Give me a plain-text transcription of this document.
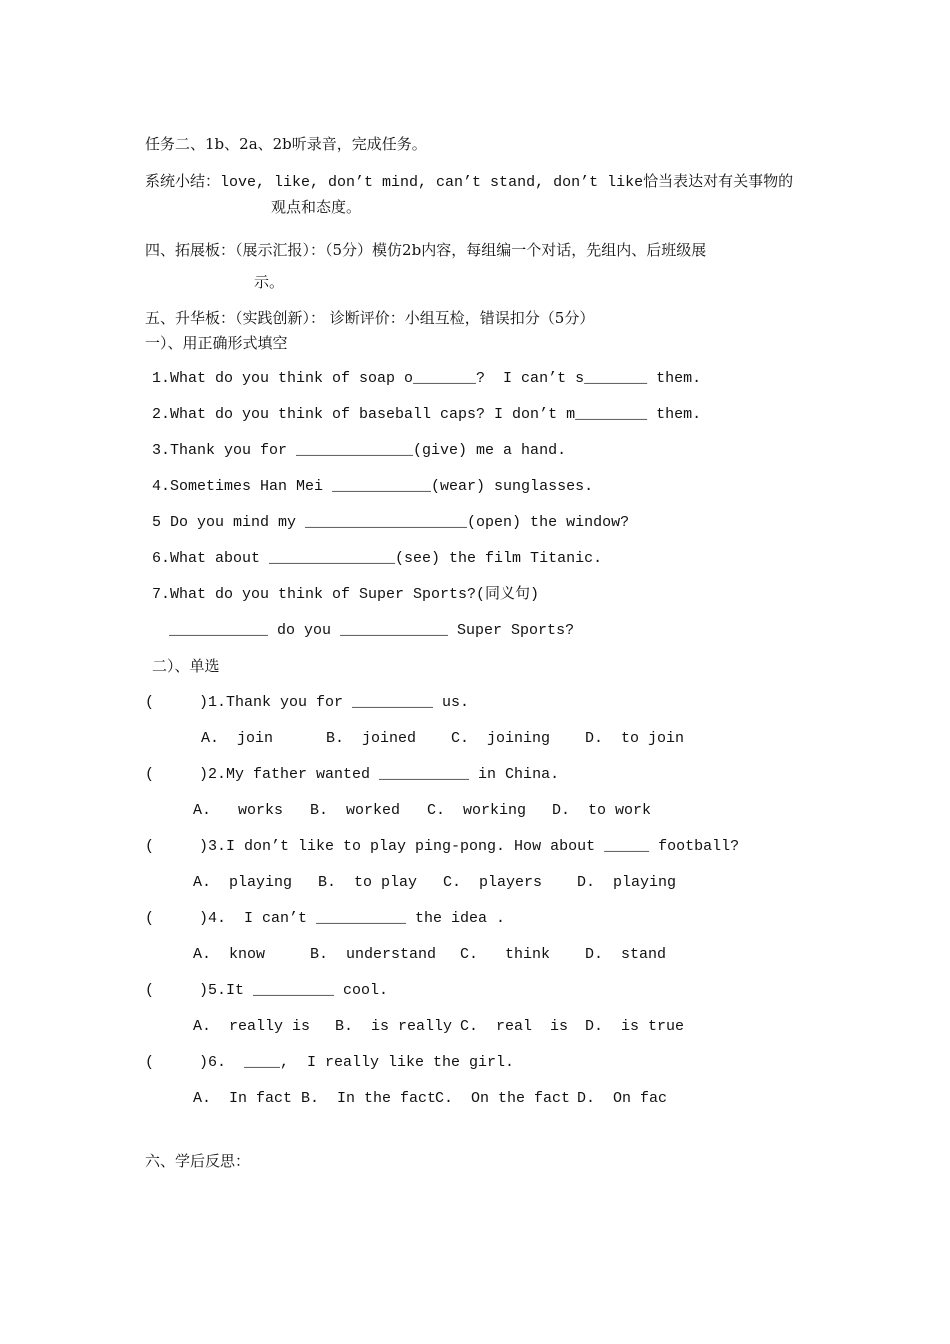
任务二、1b、2a、2b听录音，完成任务。
系统小结：love, like, don’t mind, can’t stand, don’t like恰当表达对有关事物的
观点和态度。
四、拓展板：（展示汇报）：（5分）模仿2b内容，每组编一个对话，先组内、后班级展
示。
五、升华板：（实践创新）： 诊断评价：小组互检，错误扣分（5分）
一）、用正确形式填空
1.What do you think of soap o_______?  I can’t s_______ them.
2.What do you think of baseball caps? I don’t m________ them.
3.Thank you for _____________(give) me a hand.
4.Sometimes Han Mei ___________(wear) sunglasses.
5 Do you mind my __________________(open) the window?
6.What about ______________(see) the film Titanic.
7.What do you think of Super Sports?(同义句)
___________ do you ____________ Super Sports?
二）、单选
(     )1.Thank you for _________ us.
A.  join	B.  joined C.  joining D.  to join
(     )2.My father wanted __________ in China.
A.   works B.  worked C.  working D.  to work
(     )3.I don’t like to play ping-pong. How about _____ football?
A.  playing B.  to play C.  players D.  playing
(     )4.  I can’t __________ the idea .
A.  know	B.  understand C.   think D.  stand
(     )5.It _________ cool.
A.  really is B.  is really C.  real  is D.  is true
(     )6.  ____,  I really like the girl.
A.  In fact B.  In the fact
C.  On the fact D.  On fac
六、学后反思：
